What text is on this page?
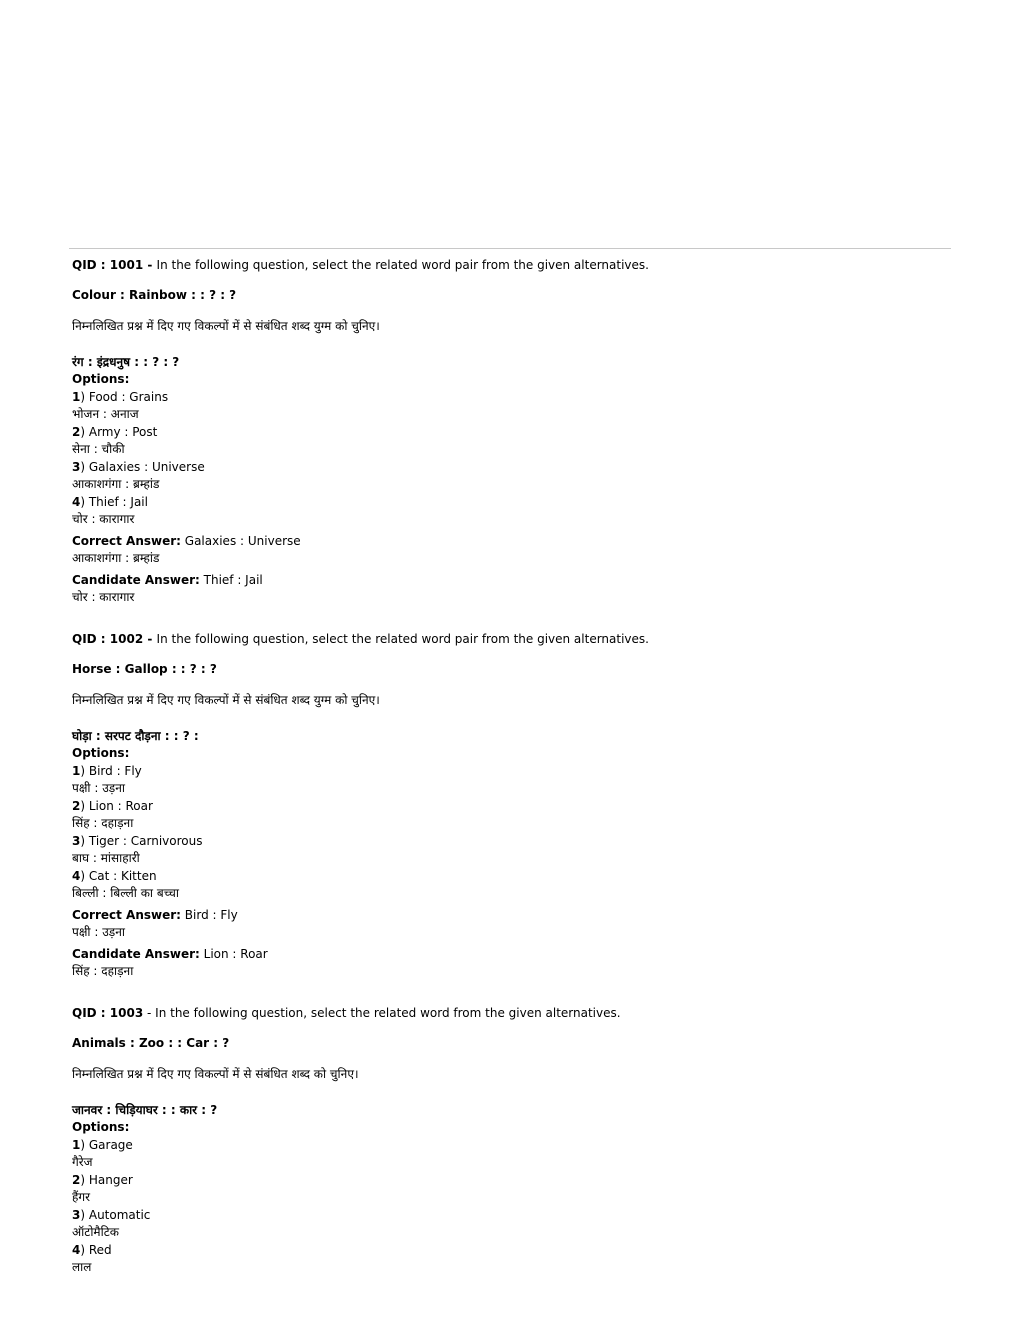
QID : 1001 - In the following question, select the related word pair from the given alternatives.
Colour : Rainbow : : ? : ?
निम्नलिखित प्रश्न में दिए गए विकल्पों में से संबंधित शब्द युग्म को चुनिए।
रंग : इंद्रधनुष : : ? : ?
Options:
1) Food : Grains
भोजन : अनाज
2) Army : Post
सेना : चौकी
3) Galaxies : Universe
आकाशगंगा : ब्रम्हांड
4) Thief : Jail
चोर : कारागार
Correct Answer: Galaxies : Universe
आकाशगंगा : ब्रम्हांड
Candidate Answer: Thief : Jail
चोर : कारागार
QID : 1002 - In the following question, select the related word pair from the given alternatives.
Horse : Gallop : : ? : ?
निम्नलिखित प्रश्न में दिए गए विकल्पों में से संबंधित शब्द युग्म को चुनिए।
घोड़ा : सरपट दौड़ना : : ? :
Options:
1) Bird : Fly
पक्षी : उड़ना
2) Lion : Roar
सिंह : दहाड़ना
3) Tiger : Carnivorous
बाघ : मांसाहारी
4) Cat : Kitten
बिल्ली : बिल्ली का बच्चा
Correct Answer: Bird : Fly
पक्षी : उड़ना
Candidate Answer: Lion : Roar
सिंह : दहाड़ना
QID : 1003 - In the following question, select the related word from the given alternatives.
Animals : Zoo : : Car : ?
निम्नलिखित प्रश्न में दिए गए विकल्पों में से संबंधित शब्द को चुनिए।
जानवर : चिड़ियाघर : : कार : ?
Options:
1) Garage
गैरेज
2) Hanger
हैंगर
3) Automatic
ऑटोमैटिक
4) Red
लाल
